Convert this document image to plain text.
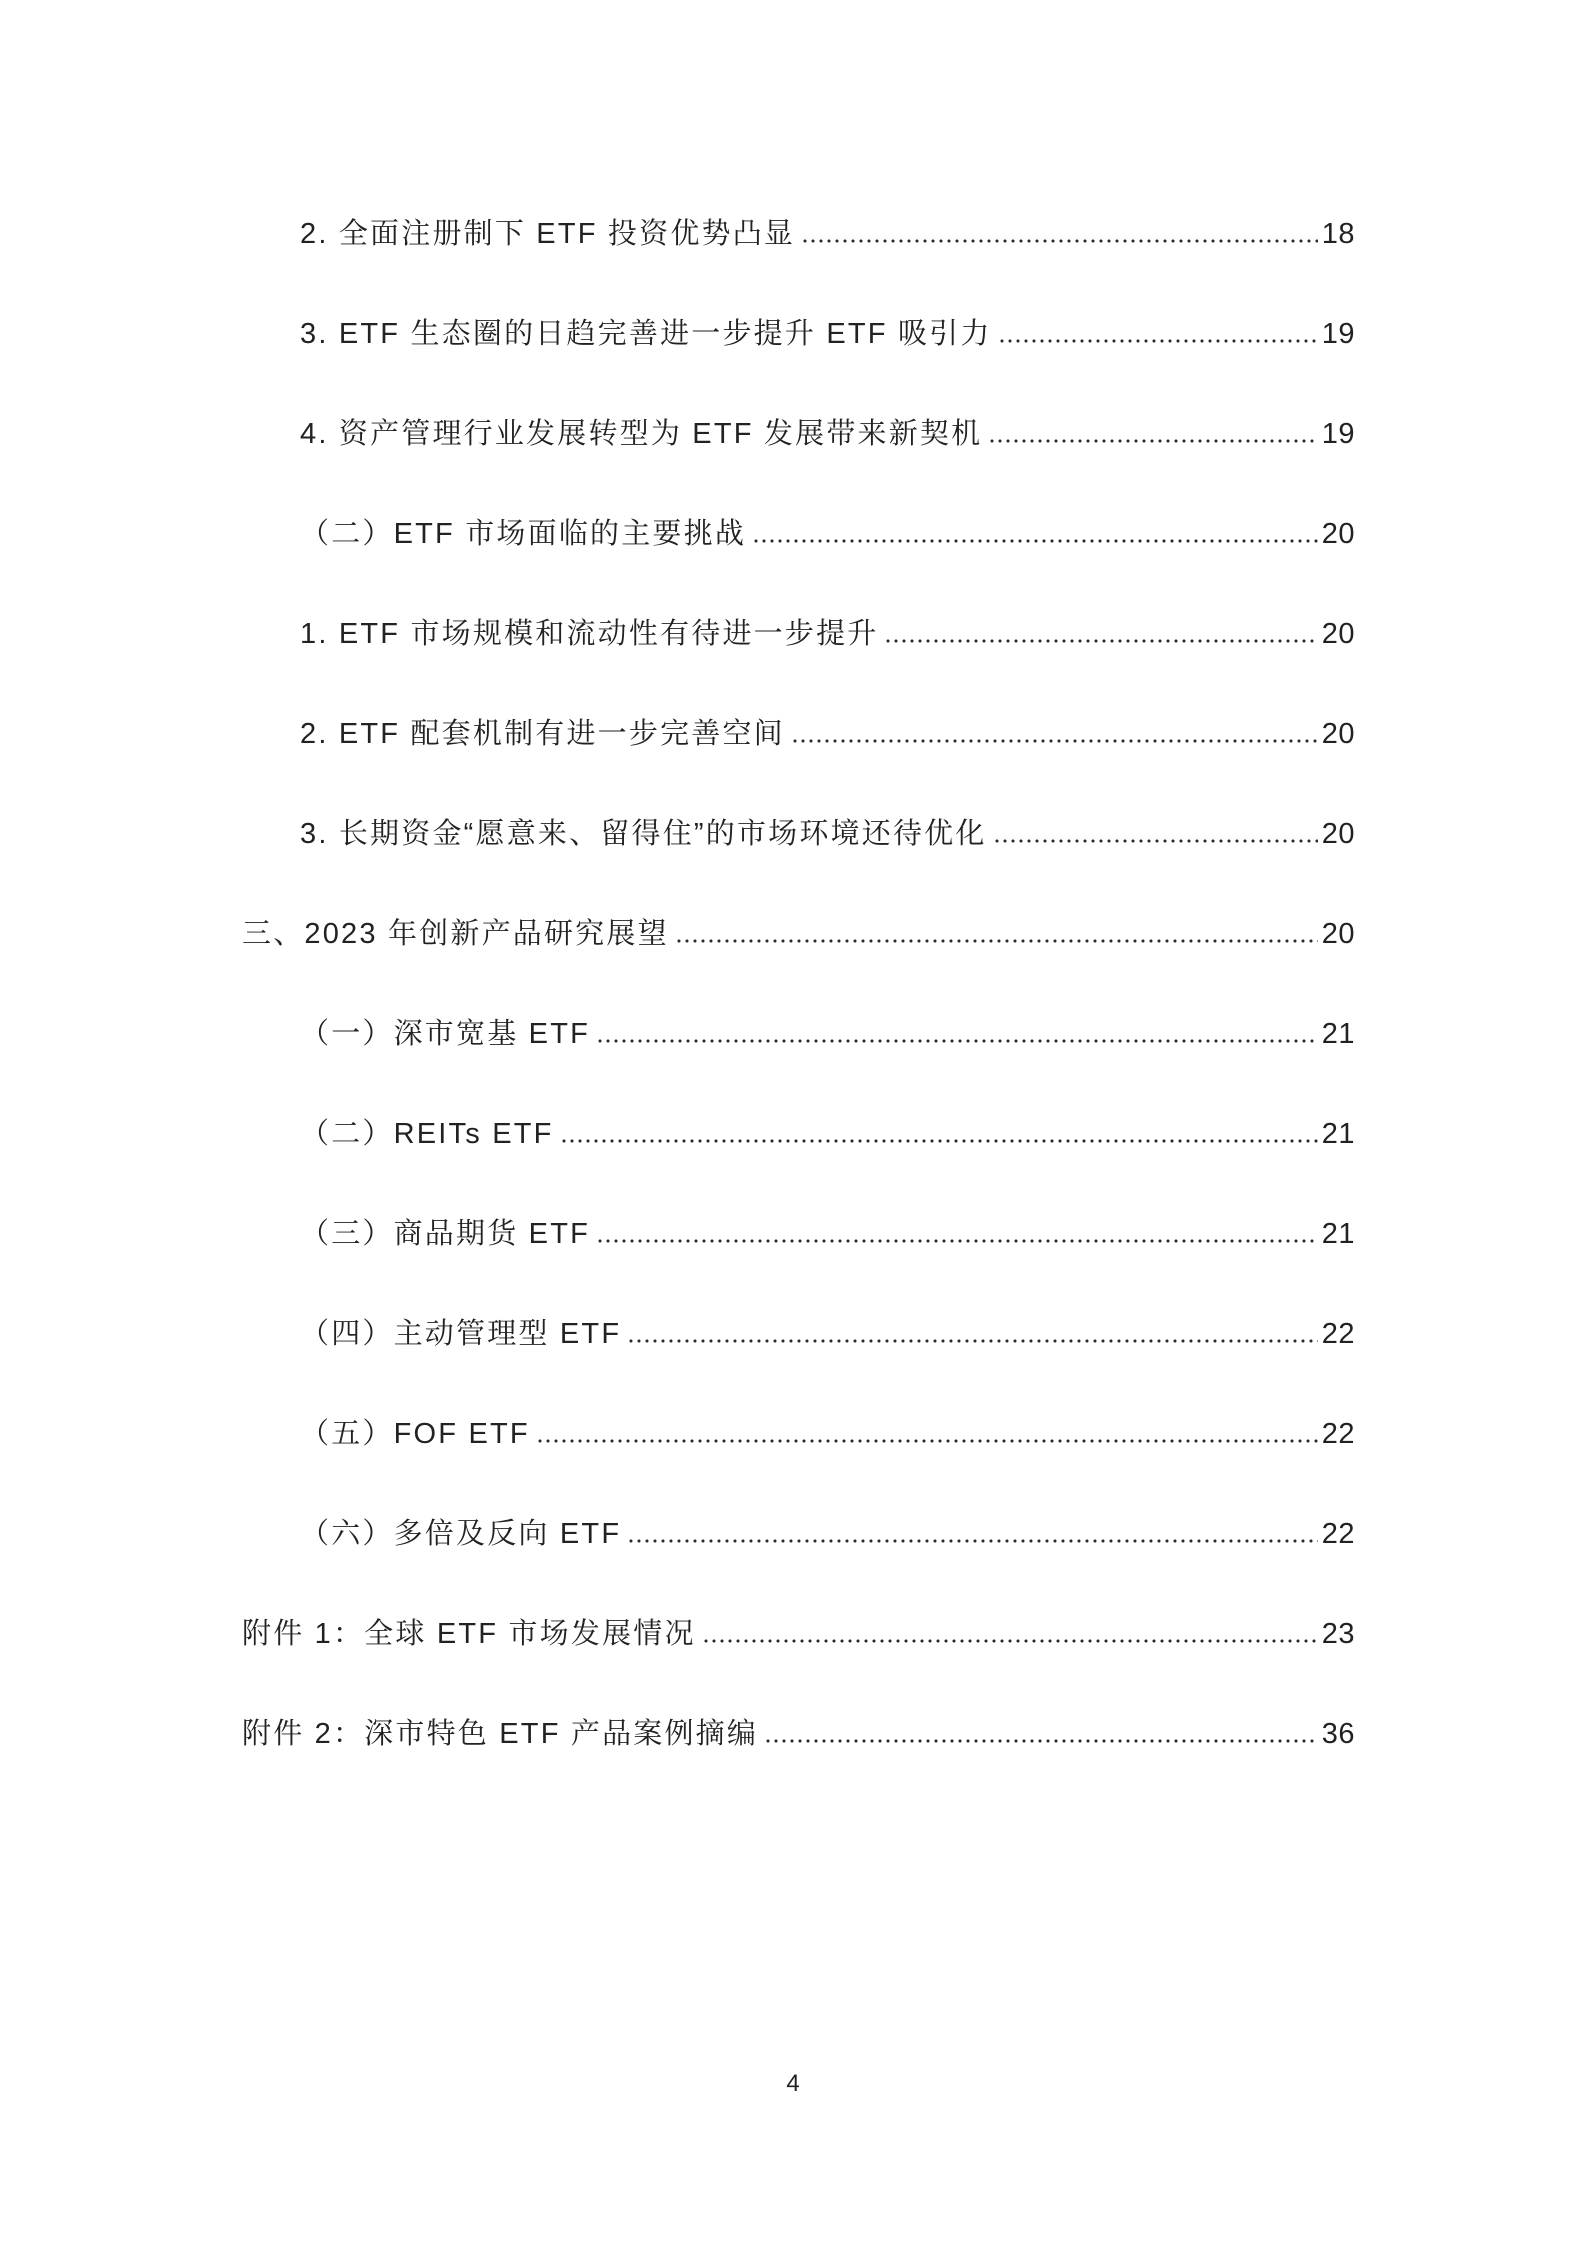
2. 全面注册制下 ETF 投资优势凸显	18
3. ETF 生态圈的日趋完善进一步提升 ETF 吸引力	19
4. 资产管理行业发展转型为 ETF 发展带来新契机	19
（二）ETF 市场面临的主要挑战	20
1. ETF 市场规模和流动性有待进一步提升	20
2. ETF 配套机制有进一步完善空间	20
3. 长期资金“愿意来、留得住”的市场环境还待优化	20
三、2023 年创新产品研究展望	20
（一）深市宽基 ETF	21
（二）REITs ETF	21
（三）商品期货 ETF	21
（四）主动管理型 ETF	22
（五）FOF ETF	22
（六）多倍及反向 ETF	22
附件 1：全球 ETF 市场发展情况	23
附件 2：深市特色 ETF 产品案例摘编	36
4
